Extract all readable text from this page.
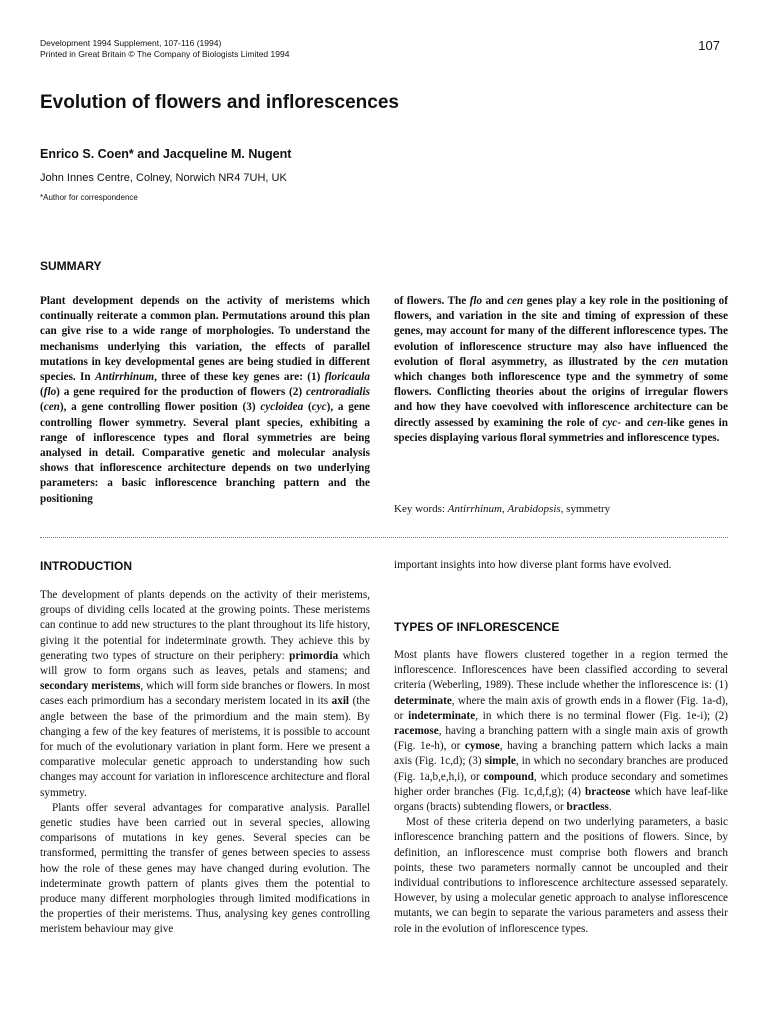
Development 1994 Supplement, 107-116 (1994)
Printed in Great Britain © The Company of Biologists Limited 1994
107
Evolution of flowers and inflorescences
Enrico S. Coen* and Jacqueline M. Nugent
John Innes Centre, Colney, Norwich NR4 7UH, UK
*Author for correspondence
SUMMARY

Plant development depends on the activity of meristems which continually reiterate a common plan. Permutations around this plan can give rise to a wide range of morphologies. To understand the mechanisms underlying this variation, the effects of parallel mutations in key developmental genes are being studied in different species. In Antirrhinum, three of these key genes are: (1) floricaula (flo) a gene required for the production of flowers (2) centroradialis (cen), a gene controlling flower position (3) cycloidea (cyc), a gene controlling flower symmetry. Several plant species, exhibiting a range of inflorescence types and floral symmetries are being analysed in detail. Comparative genetic and molecular analysis shows that inflorescence architecture depends on two underlying parameters: a basic inflorescence branching pattern and the positioning

of flowers. The flo and cen genes play a key role in the positioning of flowers, and variation in the site and timing of expression of these genes, may account for many of the different inflorescence types. The evolution of inflorescence structure may also have influenced the evolution of floral asymmetry, as illustrated by the cen mutation which changes both inflorescence type and the symmetry of some flowers. Conflicting theories about the origins of irregular flowers and how they have coevolved with inflorescence architecture can be directly assessed by examining the role of cyc- and cen-like genes in species displaying various floral symmetries and inflorescence types.

Key words: Antirrhinum, Arabidopsis, symmetry
INTRODUCTION

The development of plants depends on the activity of their meristems, groups of dividing cells located at the growing points. These meristems can continue to add new structures to the plant throughout its life history, giving it the potential for indeterminate growth. They achieve this by generating two types of structure on their periphery: primordia which will grow to form organs such as leaves, petals and stamens; and secondary meristems, which will form side branches or flowers. In most cases each primordium has a secondary meristem located in its axil (the angle between the base of the primordium and the main stem). By changing a few of the key features of meristems, it is possible to account for much of the evolutionary variation in plant form. Here we present a comparative molecular genetic approach to understanding how such changes may account for variation in inflorescence architecture and floral symmetry.

Plants offer several advantages for comparative analysis. Parallel genetic studies have been carried out in several species, allowing comparisons of mutations in key genes. Several species can be transformed, permitting the transfer of genes between species to assess how the role of these genes may have changed during evolution. The indeterminate growth pattern of plants gives them the potential to produce many different morphologies through limited modifications in the properties of their meristems. Thus, analysing key genes controlling meristem behaviour may give

important insights into how diverse plant forms have evolved.

TYPES OF INFLORESCENCE

Most plants have flowers clustered together in a region termed the inflorescence. Inflorescences have been classified according to several criteria (Weberling, 1989). These include whether the inflorescence is: (1) determinate, where the main axis of growth ends in a flower (Fig. 1a-d), or indeterminate, in which there is no terminal flower (Fig. 1e-i); (2) racemose, having a branching pattern with a single main axis of growth (Fig. 1e-h), or cymose, having a branching pattern which lacks a main axis (Fig. 1c,d); (3) simple, in which no secondary branches are produced (Fig. 1a,b,e,h,i), or compound, which produce secondary and sometimes higher order branches (Fig. 1c,d,f,g); (4) bracteose which have leaf-like organs (bracts) subtending flowers, or bractless.

Most of these criteria depend on two underlying parameters, a basic inflorescence branching pattern and the positions of flowers. Since, by definition, an inflorescence must comprise both flowers and branch points, these two parameters normally cannot be uncoupled and their individual contributions to inflorescence architecture assessed separately. However, by using a molecular genetic approach to analyse inflorescence mutants, we can begin to separate the various parameters and assess their role in the evolution of inflorescence types.
